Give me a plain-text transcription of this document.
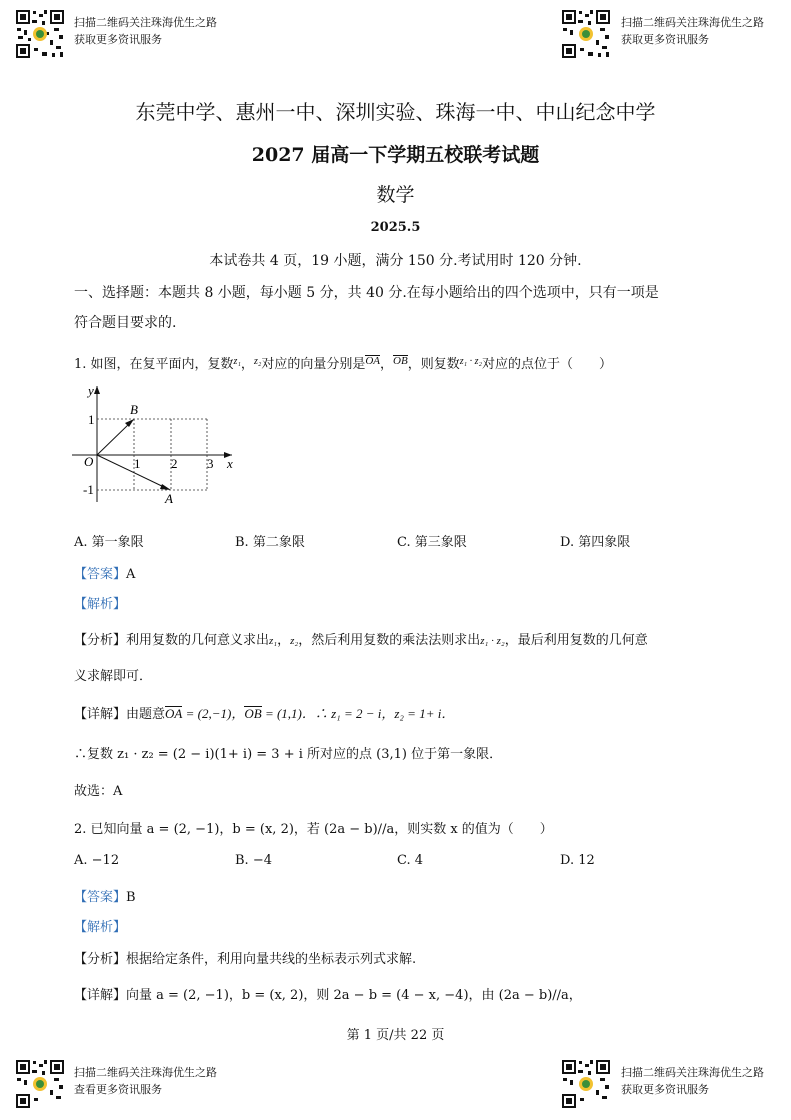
扫描二维码关注珠海优生之路
获取更多资讯服务
扫描二维码关注珠海优生之路
获取更多资讯服务
东莞中学、惠州一中、深圳实验、珠海一中、中山纪念中学
2027 届高一下学期五校联考试题
数学
2025.5
本试卷共 4 页，19 小题，满分 150 分.考试用时 120 分钟.
一、选择题：本题共 8 小题，每小题 5 分，共 40 分.在每小题给出的四个选项中，只有一项是
符合题目要求的.
1. 如图，在复平面内，复数$^{z_1}$，$^{z_2}$对应的向量分别是OA，OB，则复数$^{z_1 \cdot z_2}$对应的点位于（　　）
y
x
O
B
A
1 2 3
1
-1
A. 第一象限	B. 第二象限	C. 第三象限	D. 第四象限
【答案】A
【解析】
【分析】利用复数的几何意义求出z₁，z₂，然后利用复数的乘法法则求出z₁ · z₂，最后利用复数的几何意
义求解即可．
【详解】由题意OA = (2,−1)，OB = (1,1)．∴ z₁ = 2 − i，z₂ = 1+ i．
∴复数 z₁ · z₂ = (2 − i)(1+ i) = 3 + i 所对应的点 (3,1) 位于第一象限．
故选：A
2. 已知向量 a = (2, −1)，b = (x, 2)，若 (2a − b)//a，则实数 x 的值为（　　）
A. −12	B. −4	C. 4	D. 12
【答案】B
【解析】
【分析】根据给定条件，利用向量共线的坐标表示列式求解.
【详解】向量 a = (2, −1)，b = (x, 2)，则 2a − b = (4 − x, −4)，由 (2a − b)//a，
第 1 页/共 22 页
扫描二维码关注珠海优生之路
查看更多资讯服务
扫描二维码关注珠海优生之路
获取更多资讯服务
